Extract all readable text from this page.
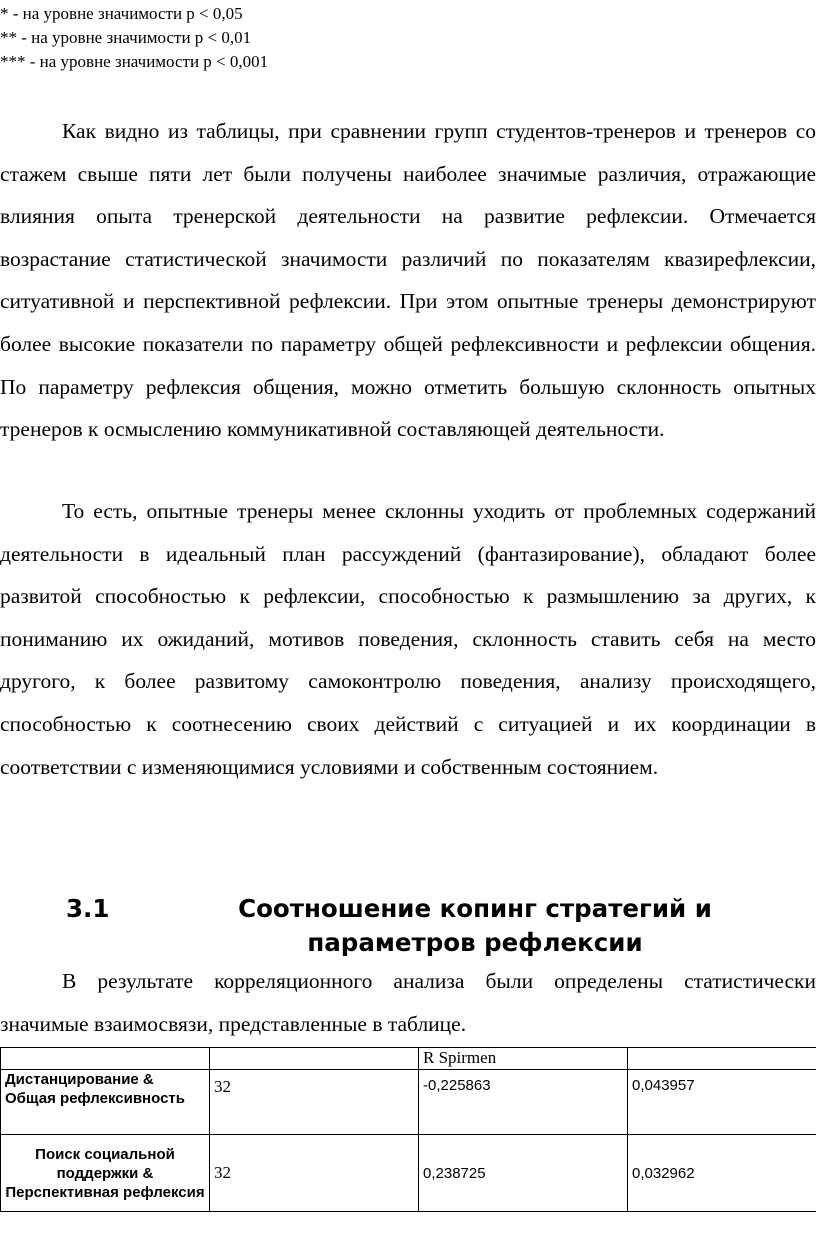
* - на уровне значимости р < 0,05
** - на уровне значимости р < 0,01
*** - на уровне значимости р < 0,001

Как видно из таблицы, при сравнении групп студентов-тренеров и тренеров со стажем свыше пяти лет были получены наиболее значимые различия, отражающие влияния опыта тренерской деятельности на развитие рефлексии. Отмечается возрастание статистической значимости различий по показателям квазирефлексии, ситуативной и перспективной рефлексии. При этом опытные тренеры демонстрируют более высокие показатели по параметру общей рефлексивности и рефлексии общения. По параметру рефлексия общения, можно отметить большую склонность опытных тренеров к осмыслению коммуникативной составляющей деятельности.

То есть, опытные тренеры менее склонны уходить от проблемных содержаний деятельности в идеальный план рассуждений (фантазирование), обладают более развитой способностью к рефлексии, способностью к размышлению за других, к пониманию их ожиданий, мотивов поведения, склонность ставить себя на место другого, к более развитому самоконтролю поведения, анализу происходящего, способностью к соотнесению своих действий с ситуацией и их координации в соответствии с изменяющимися условиями и собственным состоянием.

3.1	Соотношение копинг стратегий и параметров рефлексии

В результате корреляционного анализа были определены статистически значимые взаимосвязи, представленные в таблице.

		R Spirmen	
Дистанцирование & Общая рефлексивность	32	-0,225863	0,043957
Поиск социальной поддержки & Перспективная рефлексия	32	0,238725	0,032962
